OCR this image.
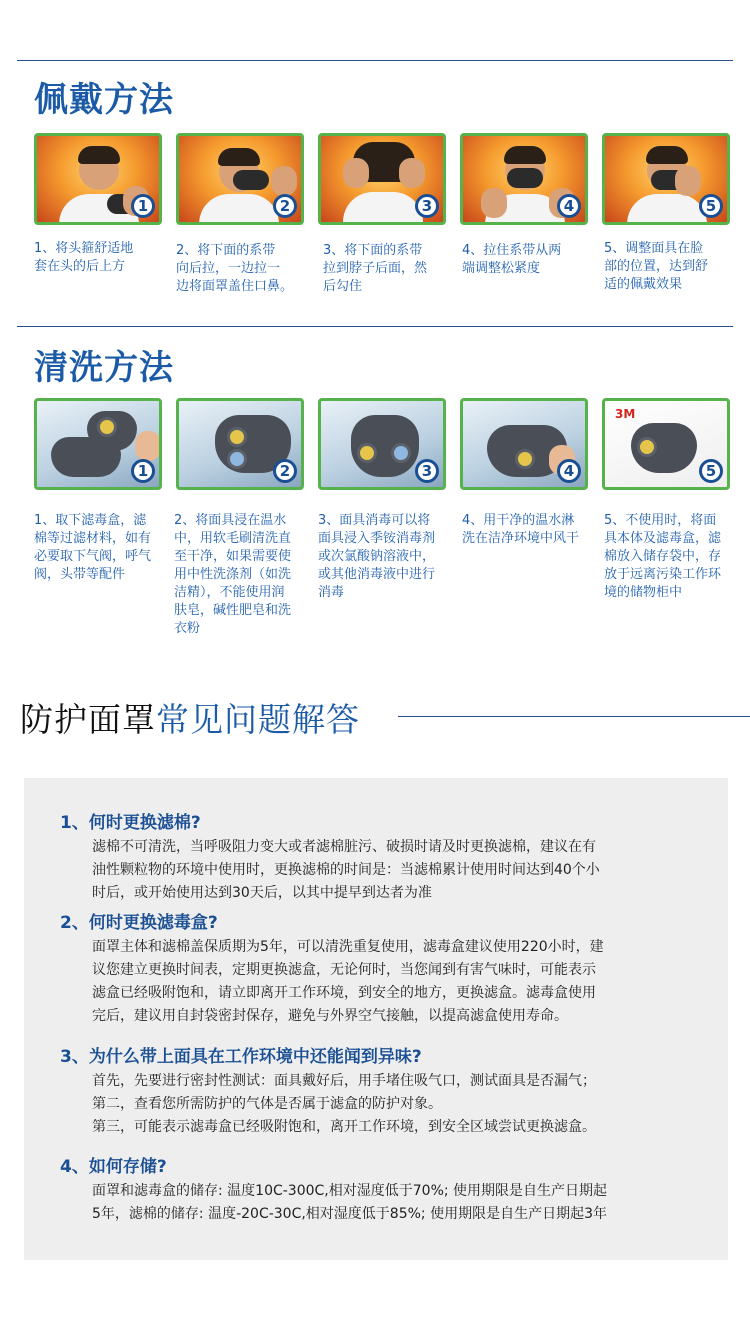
佩戴方法
1	2	3	4	5

1、将头箍舒适地

套在头的后上方

2、将下面的系带

向后拉，一边拉一

边将面罩盖住口鼻。

3、将下面的系带

拉到脖子后面，然

后勾住

4、拉住系带从两

端调整松紧度

5、调整面具在脸

部的位置，达到舒

适的佩戴效果

清洗方法
1	2	3	4
3M
5

1、取下滤毒盒，滤

棉等过滤材料，如有

必要取下气阀，呼气

阀，头带等配件

2、将面具浸在温水

中，用软毛刷清洗直

至干净，如果需要使

用中性洗涤剂（如洗

洁精），不能使用润

肤皂，碱性肥皂和洗

衣粉

3、面具消毒可以将

面具浸入季铵消毒剂

或次氯酸钠溶液中，

或其他消毒液中进行

消毒

4、用干净的温水淋

洗在洁净环境中风干

5、不使用时，将面

具本体及滤毒盒，滤

棉放入储存袋中，存

放于远离污染工作环

境的储物柜中

防护面罩常见问题解答
1、何时更换滤棉?

滤棉不可清洗，当呼吸阻力变大或者滤棉脏污、破损时请及时更换滤棉，建议在有

油性颗粒物的环境中使用时，更换滤棉的时间是：当滤棉累计使用时间达到40个小

时后，或开始使用达到30天后，以其中提早到达者为准

2、何时更换滤毒盒?

面罩主体和滤棉盖保质期为5年，可以清洗重复使用，滤毒盒建议使用220小时，建

议您建立更换时间表，定期更换滤盒，无论何时，当您闻到有害气味时，可能表示

滤盒已经吸附饱和，请立即离开工作环境，到安全的地方，更换滤盒。滤毒盒使用

完后，建议用自封袋密封保存，避免与外界空气接触，以提高滤盒使用寿命。

3、为什么带上面具在工作环境中还能闻到异味?

首先，先要进行密封性测试：面具戴好后，用手堵住吸气口，测试面具是否漏气；

第二，查看您所需防护的气体是否属于滤盒的防护对象。

第三，可能表示滤毒盒已经吸附饱和，离开工作环境，到安全区域尝试更换滤盒。

4、如何存储?

面罩和滤毒盒的储存: 温度10C-300C,相对湿度低于70%; 使用期限是自生产日期起

5年，滤棉的储存: 温度-20C-30C,相对湿度低于85%; 使用期限是自生产日期起3年
